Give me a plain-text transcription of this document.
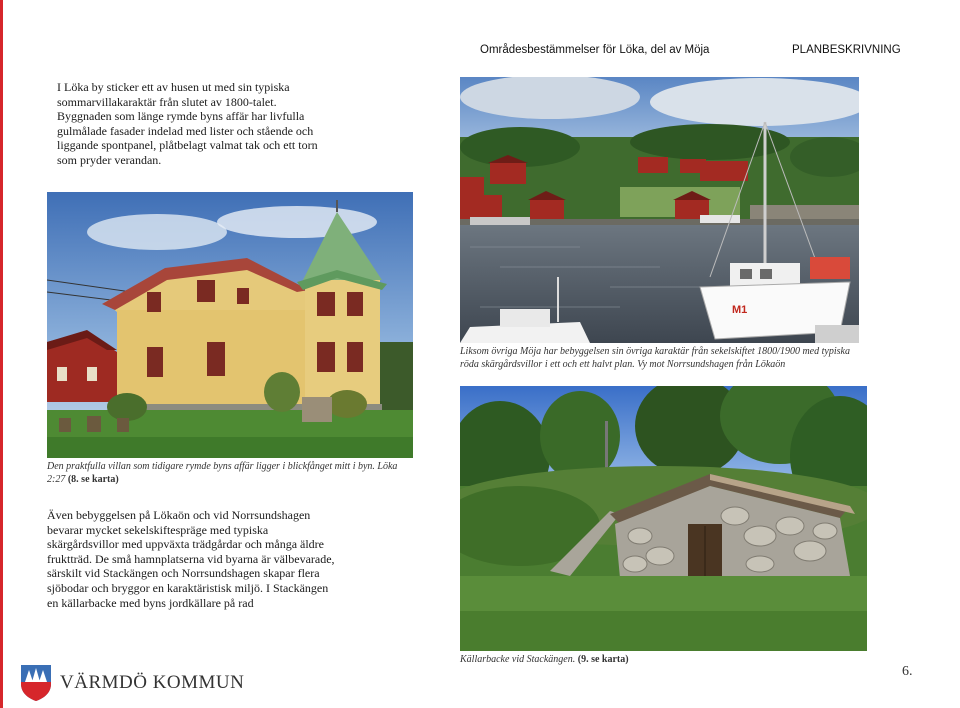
Områdesbestämmelser för Löka, del av Möja	PLANBESKRIVNING

I Löka by sticker ett av husen ut med sin typiska sommarvillakaraktär från slutet av 1800-talet. Byggnaden som länge rymde byns affär har livfulla gulmålade fasader indelad med lister och stående och liggande spontpanel, plåtbelagt valmat tak och ett torn som pryder verandan.

Den praktfulla villan som tidigare rymde byns affär ligger i blickfånget mitt i byn. Löka 2:27 (8. se karta)

Även bebyggelsen på Lökaön och vid Norrsundshagen bevarar mycket sekelskiftespräge med typiska skärgårdsvillor med uppväxta trädgårdar och många äldre fruktträd. De små hamnplatserna vid byarna är välbevarade, särskilt vid Stackängen och Norrsundshagen skapar flera sjöbodar och bryggor en karaktäristisk miljö. I Stackängen en källarbacke med byns jordkällare på rad

M1
Liksom övriga Möja har bebyggelsen sin övriga karaktär från sekelskiftet 1800/1900 med typiska röda skärgårdsvillor i ett och ett halvt plan. Vy mot Norrsundshagen från Lökaön
Källarbacke vid Stackängen. (9. se karta)
VÄRMDÖ KOMMUN
6.
